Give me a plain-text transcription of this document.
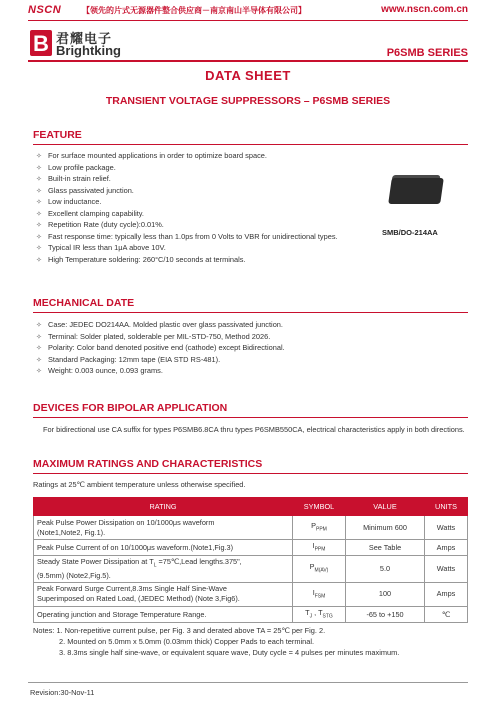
NSCN	【领先的片式无源器件整合供应商－南京南山半导体有限公司】	www.nscn.com.cn
B 君耀电子
Brightking	P6SMB SERIES
DATA SHEET
TRANSIENT VOLTAGE SUPPRESSORS – P6SMB SERIES
FEATURE
✧ For surface mounted applications in order to optimize board space.
✧ Low profile package.
✧ Built-in strain relief.
✧ Glass passivated junction.
✧ Low inductance.
✧ Excellent clamping capability.
✧ Repetition Rate (duty cycle):0.01%.
✧ Fast response time: typically less than 1.0ps from 0 Volts to VBR for unidirectional types.
✧ Typical IR less than 1μA above 10V.
✧ High Temperature soldering: 260°C/10 seconds at terminals.
SMB/DO-214AA
MECHANICAL DATE
✧ Case: JEDEC DO214AA. Molded plastic over glass passivated junction.
✧ Terminal: Solder plated, solderable per MIL-STD-750, Method 2026.
✧ Polarity: Color band denoted positive end (cathode) except Bidirectional.
✧ Standard Packaging: 12mm tape (EIA STD RS-481).
✧ Weight: 0.003 ounce, 0.093 grams.
DEVICES FOR BIPOLAR APPLICATION
For bidirectional use CA suffix for types P6SMB6.8CA thru types P6SMB550CA, electrical characteristics apply in both directions.
MAXIMUM RATINGS AND CHARACTERISTICS
Ratings at 25℃ ambient temperature unless otherwise specified.
RATING	SYMBOL	VALUE	UNITS

Peak Pulse Power Dissipation on 10/1000μs waveform
(Note1,Note2, Fig.1).	$P_{PPM}$	Minimum 600	Watts

Peak Pulse Current of on 10/1000μs waveform.(Note1,Fig.3)	$I_{PPM}$	See Table	Amps

Steady State Power Dissipation at $T_L$ =75℃,Lead lengths.375",
(9.5mm) (Note2,Fig.5).	$P_{M(AV)}$	5.0	Watts

Peak Forward Surge Current,8.3ms Single Half Sine-Wave
Superimposed on Rated Load, (JEDEC Method) (Note 3,Fig6).	$I_{FSM}$	100	Amps

Operating junction and Storage Temperature Range.	$T_J$ , $T_{STG}$	-65 to +150	℃
Notes: 1. Non-repetitive current pulse, per Fig. 3 and derated above TA = 25℃ per Fig. 2.
2. Mounted on 5.0mm x 5.0mm (0.03mm thick) Copper Pads to each terminal.
3. 8.3ms single half sine-wave, or equivalent square wave, Duty cycle = 4 pulses per minutes maximum.
Revision:30-Nov-11
